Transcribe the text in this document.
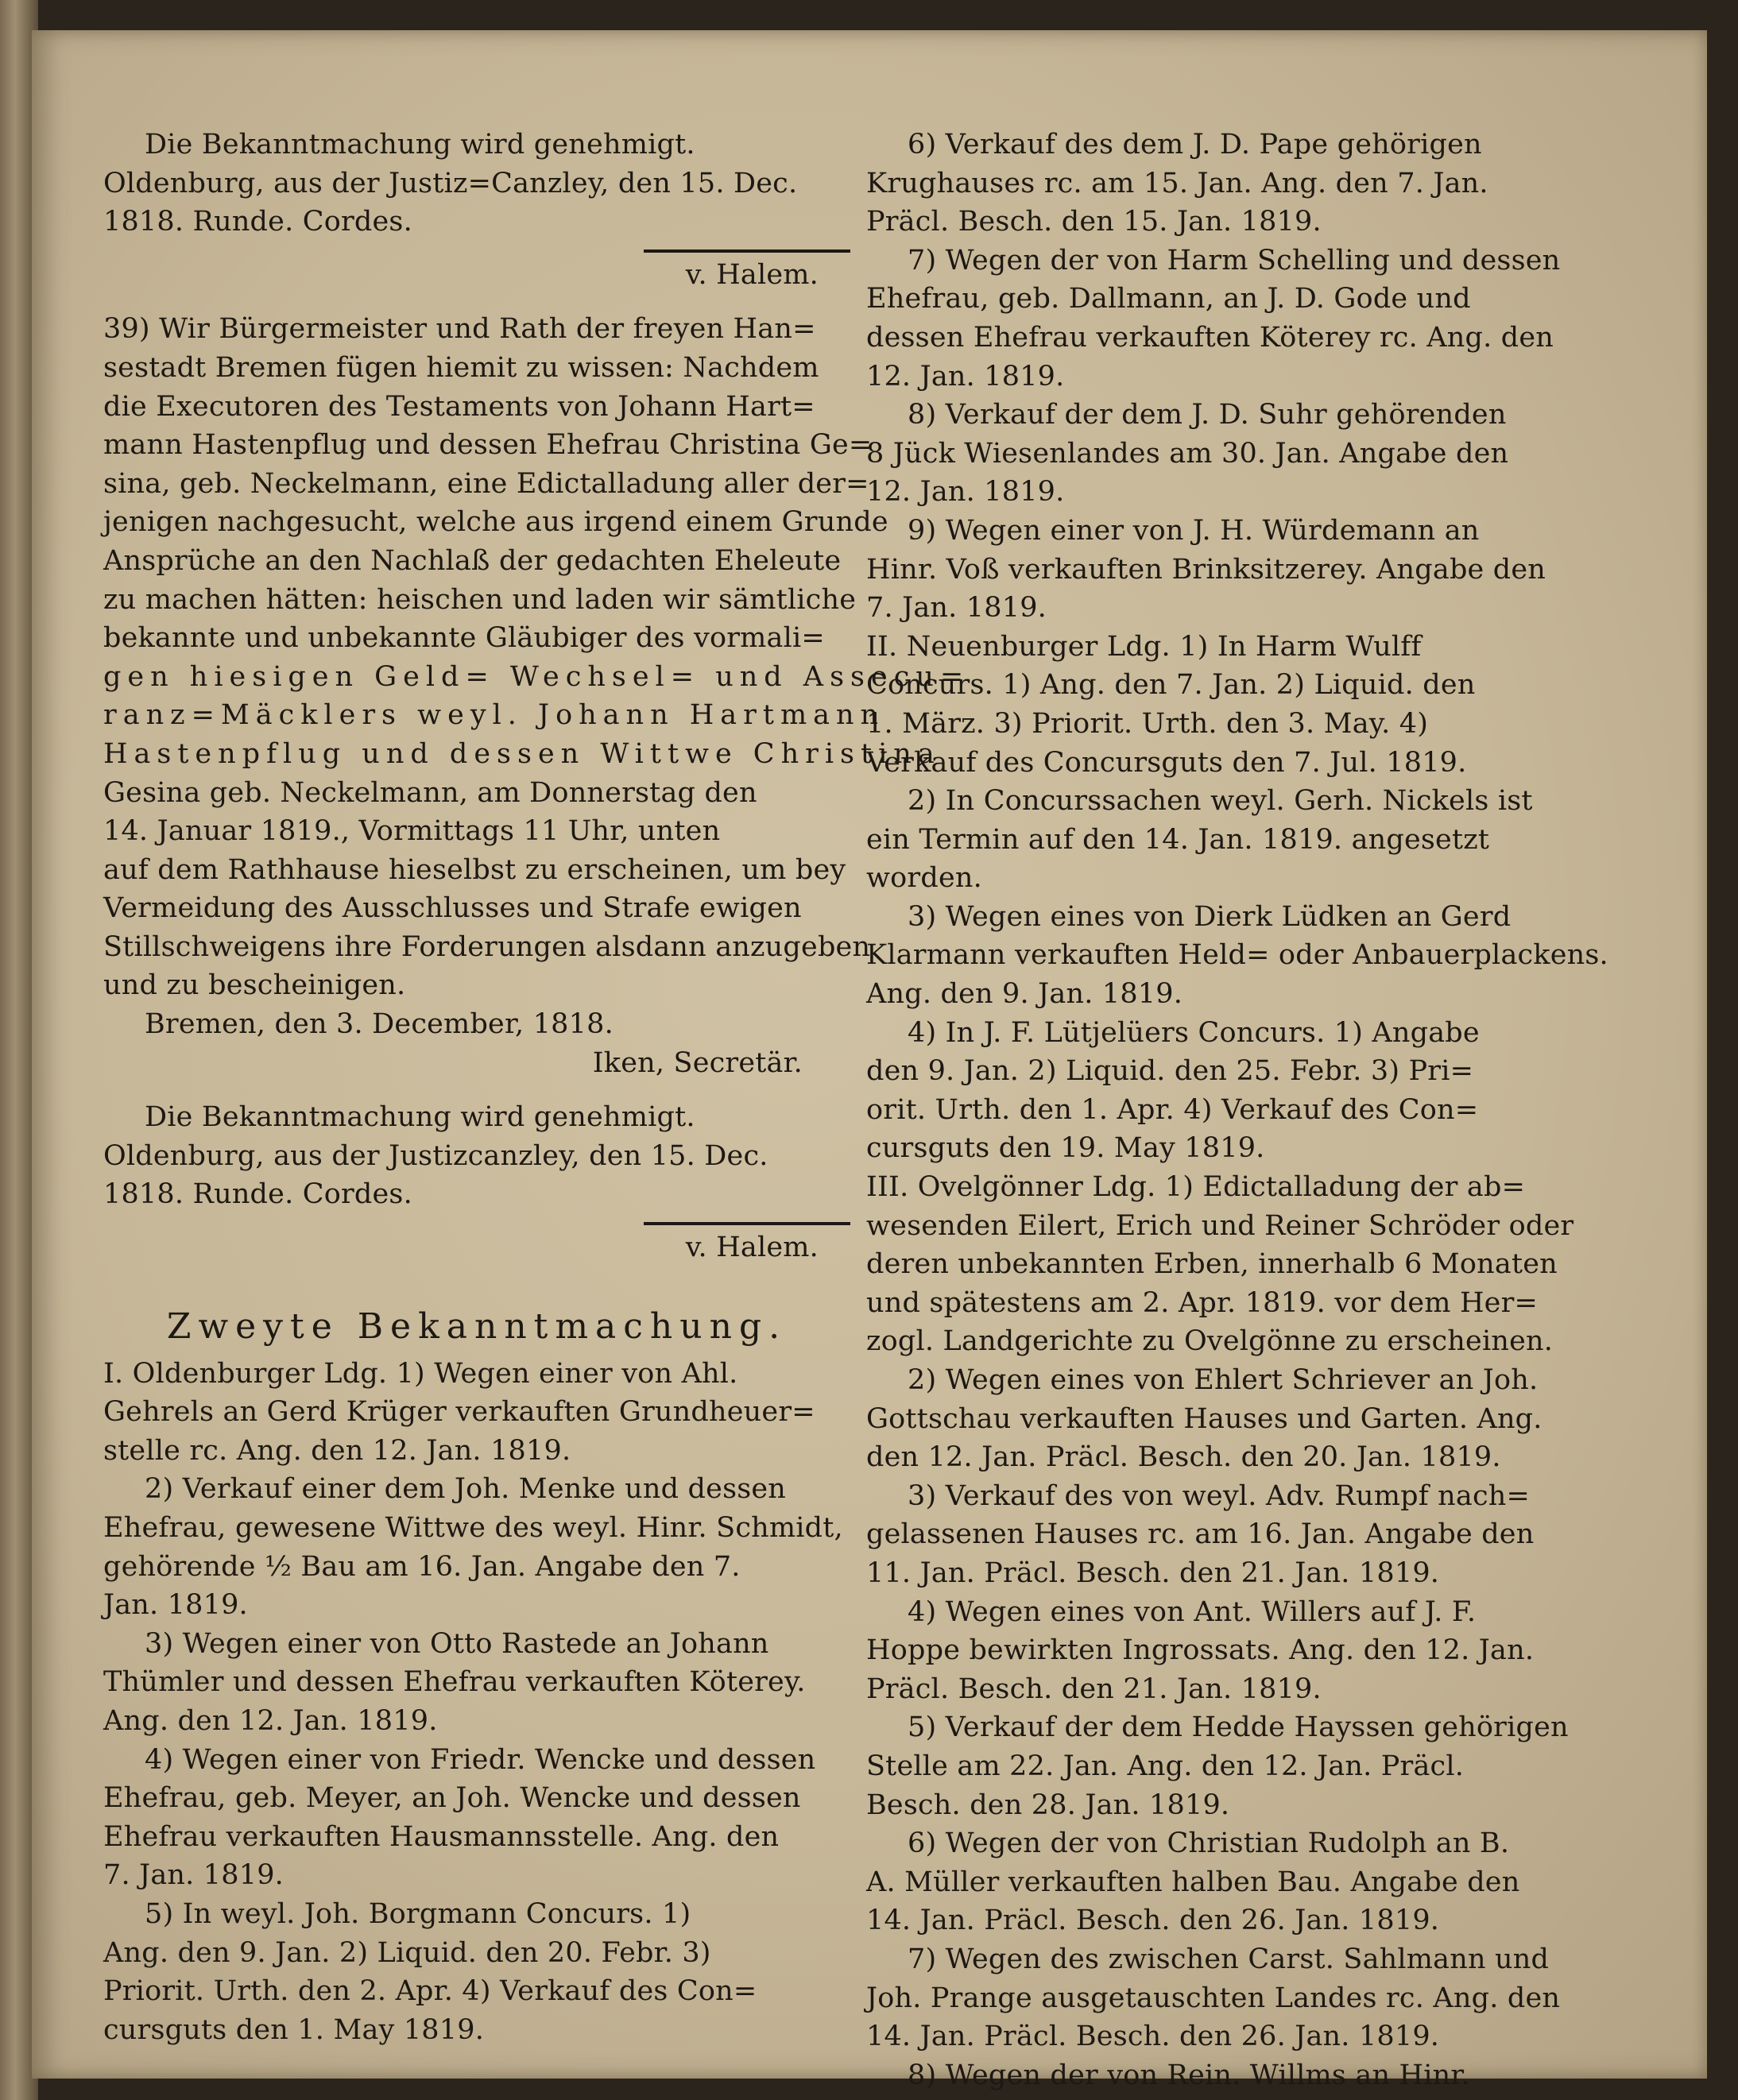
Die Bekanntmachung wird genehmigt.
Oldenburg, aus der Justiz=Canzley, den 15. Dec.
1818. Runde. Cordes.
v. Halem.
39) Wir Bürgermeister und Rath der freyen Han=
sestadt Bremen fügen hiemit zu wissen: Nachdem
die Executoren des Testaments von Johann Hart=
mann Hastenpflug und dessen Ehefrau Christina Ge=
sina, geb. Neckelmann, eine Edictalladung aller der=
jenigen nachgesucht, welche aus irgend einem Grunde
Ansprüche an den Nachlaß der gedachten Eheleute
zu machen hätten: heischen und laden wir sämtliche
bekannte und unbekannte Gläubiger des vormali=
gen hiesigen Geld= Wechsel= und Assecu=
ranz=Mäcklers weyl. Johann Hartmann
Hastenpflug und dessen Wittwe Christina
Gesina geb. Neckelmann, am Donnerstag den
14. Januar 1819., Vormittags 11 Uhr, unten
auf dem Rathhause hieselbst zu erscheinen, um bey
Vermeidung des Ausschlusses und Strafe ewigen
Stillschweigens ihre Forderungen alsdann anzugeben
und zu bescheinigen.
Bremen, den 3. December, 1818.
Iken, Secretär.
Die Bekanntmachung wird genehmigt.
Oldenburg, aus der Justizcanzley, den 15. Dec.
1818. Runde. Cordes.
v. Halem.
Zweyte Bekanntmachung.
I. Oldenburger Ldg. 1) Wegen einer von Ahl.
Gehrels an Gerd Krüger verkauften Grundheuer=
stelle rc. Ang. den 12. Jan. 1819.
2) Verkauf einer dem Joh. Menke und dessen
Ehefrau, gewesene Wittwe des weyl. Hinr. Schmidt,
gehörende ½ Bau am 16. Jan. Angabe den 7.
Jan. 1819.
3) Wegen einer von Otto Rastede an Johann
Thümler und dessen Ehefrau verkauften Köterey.
Ang. den 12. Jan. 1819.
4) Wegen einer von Friedr. Wencke und dessen
Ehefrau, geb. Meyer, an Joh. Wencke und dessen
Ehefrau verkauften Hausmannsstelle. Ang. den
7. Jan. 1819.
5) In weyl. Joh. Borgmann Concurs. 1)
Ang. den 9. Jan. 2) Liquid. den 20. Febr. 3)
Priorit. Urth. den 2. Apr. 4) Verkauf des Con=
cursguts den 1. May 1819.
6) Verkauf des dem J. D. Pape gehörigen
Krughauses rc. am 15. Jan. Ang. den 7. Jan.
Präcl. Besch. den 15. Jan. 1819.
7) Wegen der von Harm Schelling und dessen
Ehefrau, geb. Dallmann, an J. D. Gode und
dessen Ehefrau verkauften Köterey rc. Ang. den
12. Jan. 1819.
8) Verkauf der dem J. D. Suhr gehörenden
8 Jück Wiesenlandes am 30. Jan. Angabe den
12. Jan. 1819.
9) Wegen einer von J. H. Würdemann an
Hinr. Voß verkauften Brinksitzerey. Angabe den
7. Jan. 1819.
II. Neuenburger Ldg. 1) In Harm Wulff
Concurs. 1) Ang. den 7. Jan. 2) Liquid. den
1. März. 3) Priorit. Urth. den 3. May. 4)
Verkauf des Concursguts den 7. Jul. 1819.
2) In Concurssachen weyl. Gerh. Nickels ist
ein Termin auf den 14. Jan. 1819. angesetzt
worden.
3) Wegen eines von Dierk Lüdken an Gerd
Klarmann verkauften Held= oder Anbauerplackens.
Ang. den 9. Jan. 1819.
4) In J. F. Lütjelüers Concurs. 1) Angabe
den 9. Jan. 2) Liquid. den 25. Febr. 3) Pri=
orit. Urth. den 1. Apr. 4) Verkauf des Con=
cursguts den 19. May 1819.
III. Ovelgönner Ldg. 1) Edictalladung der ab=
wesenden Eilert, Erich und Reiner Schröder oder
deren unbekannten Erben, innerhalb 6 Monaten
und spätestens am 2. Apr. 1819. vor dem Her=
zogl. Landgerichte zu Ovelgönne zu erscheinen.
2) Wegen eines von Ehlert Schriever an Joh.
Gottschau verkauften Hauses und Garten. Ang.
den 12. Jan. Präcl. Besch. den 20. Jan. 1819.
3) Verkauf des von weyl. Adv. Rumpf nach=
gelassenen Hauses rc. am 16. Jan. Angabe den
11. Jan. Präcl. Besch. den 21. Jan. 1819.
4) Wegen eines von Ant. Willers auf J. F.
Hoppe bewirkten Ingrossats. Ang. den 12. Jan.
Präcl. Besch. den 21. Jan. 1819.
5) Verkauf der dem Hedde Hayssen gehörigen
Stelle am 22. Jan. Ang. den 12. Jan. Präcl.
Besch. den 28. Jan. 1819.
6) Wegen der von Christian Rudolph an B.
A. Müller verkauften halben Bau. Angabe den
14. Jan. Präcl. Besch. den 26. Jan. 1819.
7) Wegen des zwischen Carst. Sahlmann und
Joh. Prange ausgetauschten Landes rc. Ang. den
14. Jan. Präcl. Besch. den 26. Jan. 1819.
8) Wegen der von Rein. Willms an Hinr.
